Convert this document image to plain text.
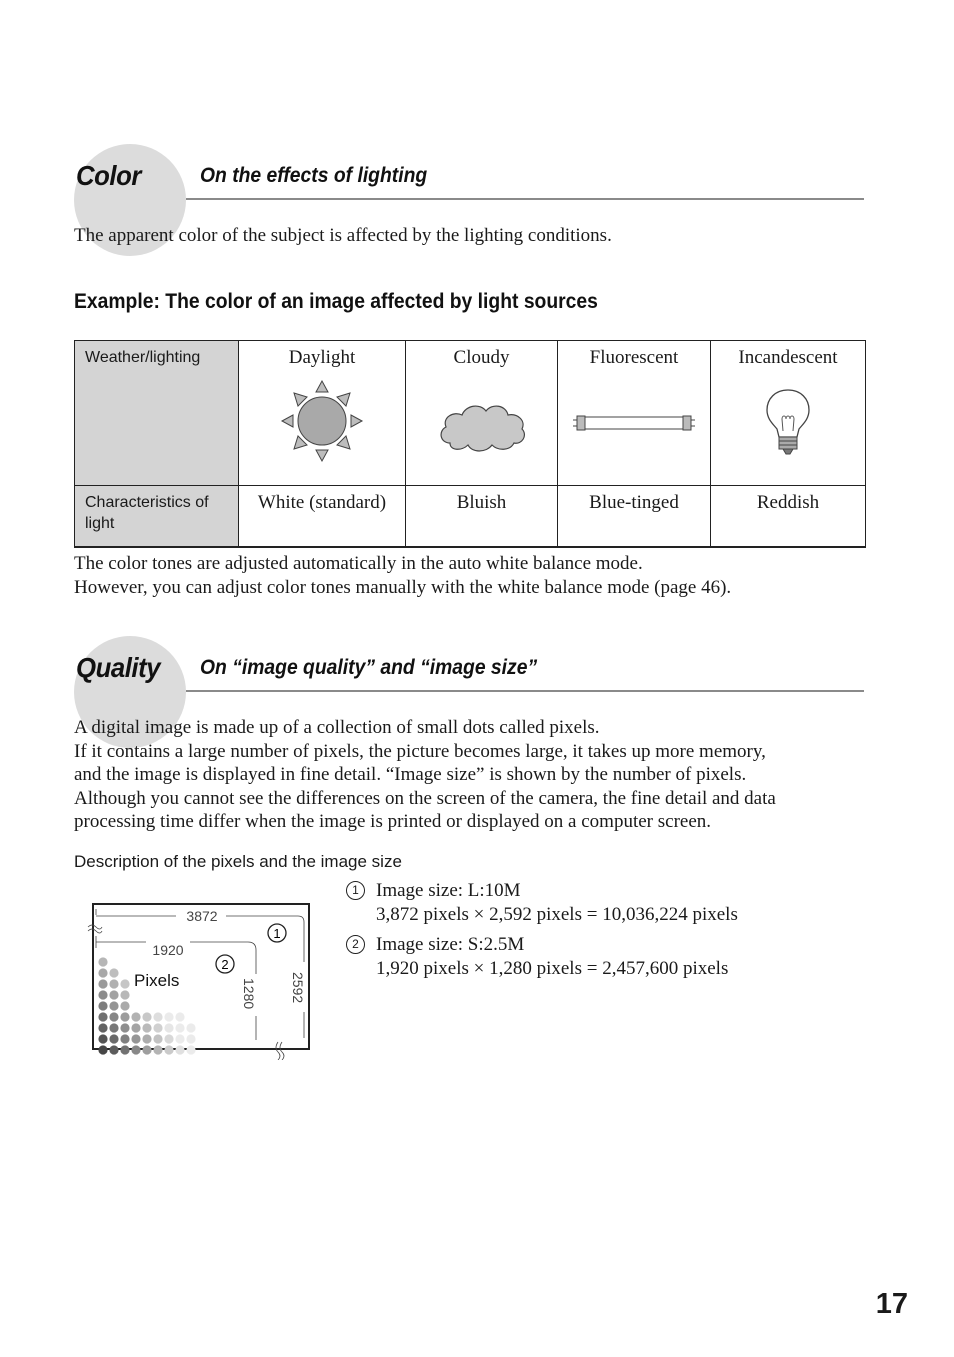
Color	On the effects of lighting

The apparent color of the subject is affected by the lighting conditions.

Example: The color of an image affected by light sources
Weather/lighting	Daylight	Cloudy	Fluorescent	Incandescent

Characteristics of light	White (standard)	Bluish	Blue-tinged	Reddish
The color tones are adjusted automatically in the auto white balance mode.
However, you can adjust color tones manually with the white balance mode (page 46).
Quality On “image quality” and “image size”
A digital image is made up of a collection of small dots called pixels.
If it contains a large number of pixels, the picture becomes large, it takes up more memory,
and the image is displayed in fine detail. “Image size” is shown by the number of pixels.
Although you cannot see the differences on the screen of the camera, the fine detail and data
processing time differ when the image is printed or displayed on a computer screen.
Description of the pixels and the image size
3872
2592
1920
1280
1
2
Pixels
1 Image size: L:10M
3,872 pixels × 2,592 pixels = 10,036,224 pixels
2 Image size: S:2.5M
1,920 pixels × 1,280 pixels = 2,457,600 pixels
17
